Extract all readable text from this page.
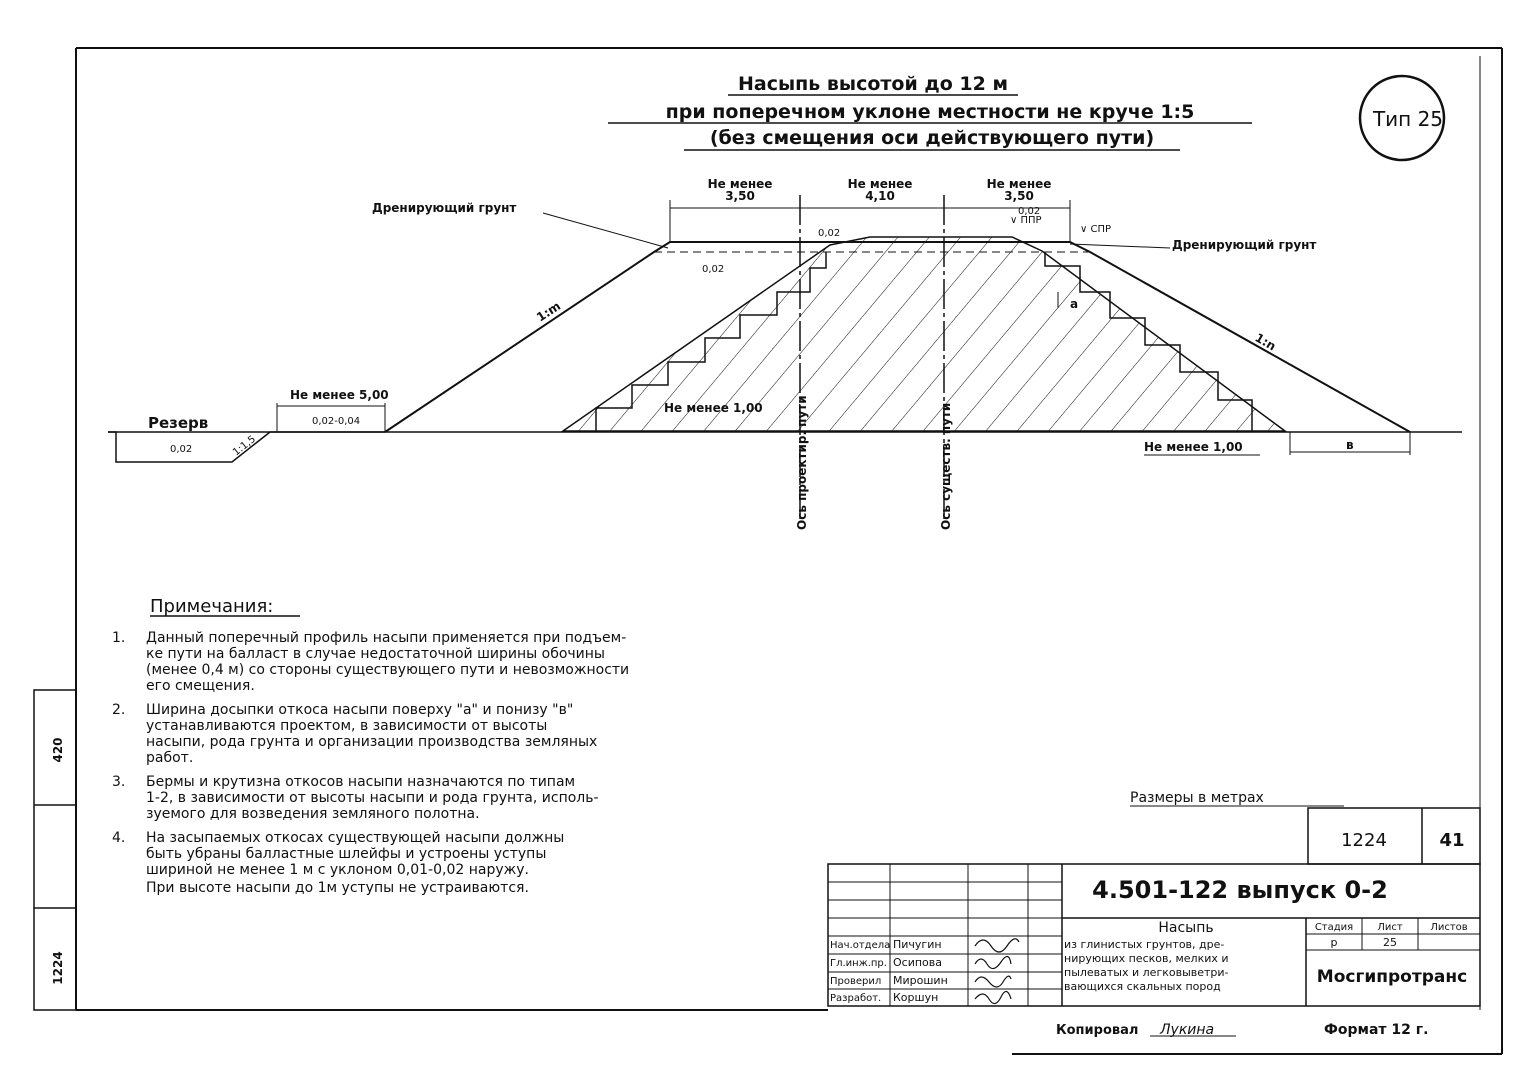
420
1224
Насыпь высотой до 12 м
при поперечном уклоне местности не круче 1:5
(без смещения оси действующего пути)
Тип 25
Дренирующий грунт
Дренирующий грунт
Не менее
3,50
Не менее
4,10
Не менее
3,50
0,02
0,02
0,02
∨ ППР
∨ СПР
1:m
1:n
а
в
Не менее 5,00
0,02-0,04
Резерв
0,02	1:1,5
Не менее 1,00
Не менее 1,00
Ось проектир. пути	Ось существ. пути
Примечания:
1. Данный поперечный профиль насыпи применяется при подъем-
ке пути на балласт в случае недостаточной ширины обочины
(менее 0,4 м) со стороны существующего пути и невозможности
его смещения.
2. Ширина досыпки откоса насыпи поверху "а" и понизу "в"
устанавливаются проектом, в зависимости от высоты
насыпи, рода грунта и организации производства земляных
работ.
3. Бермы и крутизна откосов насыпи назначаются по типам
1-2, в зависимости от высоты насыпи и рода грунта, исполь-
зуемого для возведения земляного полотна.
4. На засыпаемых откосах существующей насыпи должны
быть убраны балластные шлейфы и устроены уступы
шириной не менее 1 м с уклоном 0,01-0,02 наружу.
При высоте насыпи до 1м уступы не устраиваются.
Размеры в метрах
1224	41
4.501-122 выпуск 0-2
Насыпь
из глинистых грунтов, дре-
нирующих песков, мелких и
пылеватых и легковыветри-
вающихся скальных пород
Стадия Лист	Листов
р	25
Мосгипротранс
Нач.отдела Пичугин
Гл.инж.пр. Осипова
Проверил Мирошин
Разработ. Коршун
Копировал Лукина	Формат 12 г.
